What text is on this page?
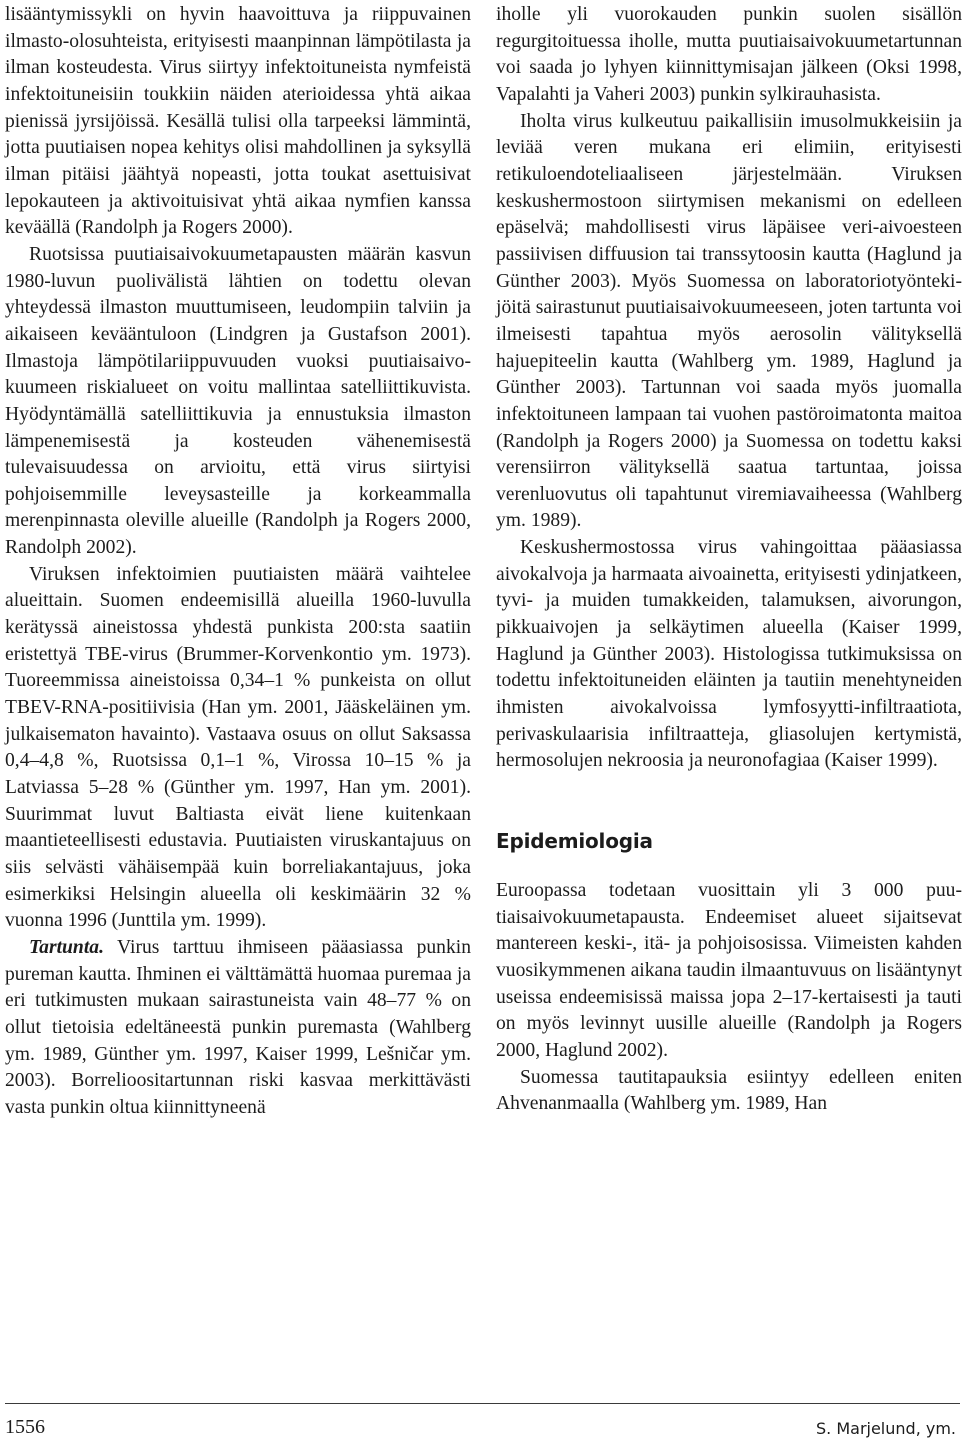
lisääntymissykli on hyvin haavoittuva ja riippuvainen ilmasto-olosuhteista, erityisesti maanpinnan lämpötilasta ja ilman kosteudesta. Virus siirtyy infektoituneista nymfeistä infektoituneisiin toukkiin näiden aterioidessa yhtä aikaa pienissä jyrsijöissä. Kesällä tulisi olla tarpeeksi lämmintä, jotta puutiaisen nopea kehitys olisi mahdollinen ja syksyllä ilman pitäisi jäähtyä nopeasti, jotta toukat asettuisivat lepokauteen ja aktivoituisivat yhtä aikaa nymfien kanssa keväällä (Randolph ja Rogers 2000).

Ruotsissa puutiaisaivokuumetapausten määrän kasvun 1980-luvun puolivälistä lähtien on todettu olevan yhteydessä ilmaston muuttumiseen, leudompiin talviin ja aikaiseen kevääntuloon (Lindgren ja Gustafson 2001). Ilmastoja lämpötilariippuvuuden vuoksi puutiaisaivokuumeen riskialueet on voitu mallintaa satelliittikuvista. Hyödyntämällä satelliittikuvia ja ennustuksia ilmaston lämpenemisestä ja kosteuden vähenemisestä tulevaisuudessa on arvioitu, että virus siirtyisi pohjoisemmille leveysasteille ja korkeammalla merenpinnasta oleville alueille (Randolph ja Rogers 2000, Randolph 2002).

Viruksen infektoimien puutiaisten määrä vaihtelee alueittain. Suomen endeemisillä alueilla 1960-luvulla kerätyssä aineistossa yhdestä punkista 200:sta saatiin eristettyä TBE-virus (Brummer-Korvenkontio ym. 1973). Tuoreemmissa aineistoissa 0,34–1 % punkeista on ollut TBEV-RNA-positiivisia (Han ym. 2001, Jääskeläinen ym. julkaisematon havainto). Vastaava osuus on ollut Saksassa 0,4–4,8 %, Ruotsissa 0,1–1 %, Virossa 10–15 % ja Latviassa 5–28 % (Günther ym. 1997, Han ym. 2001). Suurimmat luvut Baltiasta eivät liene kuitenkaan maantieteellisesti edustavia. Puutiaisten viruskantajuus on siis selvästi vähäisempää kuin borreliakantajuus, joka esimerkiksi Helsingin alueella oli keskimäärin 32 % vuonna 1996 (Junttila ym. 1999).

Tartunta. Virus tarttuu ihmiseen pääasiassa punkin pureman kautta. Ihminen ei välttämättä huomaa puremaa ja eri tutkimusten mukaan sairastuneista vain 48–77 % on ollut tietoisia edeltäneestä punkin puremasta (Wahlberg ym. 1989, Günther ym. 1997, Kaiser 1999, Lešničar ym. 2003). Borrelioositartunnan riski kasvaa merkittävästi vasta punkin oltua kiinnittyneenä

iholle yli vuorokauden punkin suolen sisällön regurgitoituessa iholle, mutta puutiaisaivokuumetartunnan voi saada jo lyhyen kiinnittymisajan jälkeen (Oksi 1998, Vapalahti ja Vaheri 2003) punkin sylkirauhasista.

Iholta virus kulkeutuu paikallisiin imusolmukkeisiin ja leviää veren mukana eri elimiin, erityisesti retikuloendoteliaaliseen järjestelmään. Viruksen keskushermostoon siirtymisen mekanismi on edelleen epäselvä; mahdollisesti virus läpäisee veri-aivoesteen passiivisen diffuusion tai transsytoosin kautta (Haglund ja Günther 2003). Myös Suomessa on laboratoriotyöntekijöitä sairastunut puutiaisaivokuumeeseen, joten tartunta voi ilmeisesti tapahtua myös aerosolin välityksellä hajuepiteelin kautta (Wahlberg ym. 1989, Haglund ja Günther 2003). Tartunnan voi saada myös juomalla infektoituneen lampaan tai vuohen pastöroimatonta maitoa (Randolph ja Rogers 2000) ja Suomessa on todettu kaksi verensiirron välityksellä saatua tartuntaa, joissa verenluovutus oli tapahtunut viremiavaiheessa (Wahlberg ym. 1989).

Keskushermostossa virus vahingoittaa pääasiassa aivokalvoja ja harmaata aivoainetta, erityisesti ydinjatkeen, tyvi- ja muiden tumakkeiden, talamuksen, aivorungon, pikkuaivojen ja selkäytimen alueella (Kaiser 1999, Haglund ja Günther 2003). Histologissa tutkimuksissa on todettu infektoituneiden eläinten ja tautiin menehtyneiden ihmisten aivokalvoissa lymfosyytti-infiltraatiota, perivaskulaarisia infiltraatteja, gliasolujen kertymistä, hermosolujen nekroosia ja neuronofagiaa (Kaiser 1999).

Epidemiologia

Euroopassa todetaan vuosittain yli 3 000 puutiaisaivokuumetapausta. Endeemiset alueet sijaitsevat mantereen keski-, itä- ja pohjoisosissa. Viimeisten kahden vuosikymmenen aikana taudin ilmaantuvuus on lisääntynyt useissa endeemisissä maissa jopa 2–17-kertaisesti ja tauti on myös levinnyt uusille alueille (Randolph ja Rogers 2000, Haglund 2002).

Suomessa tautitapauksia esiintyy edelleen eniten Ahvenanmaalla (Wahlberg ym. 1989, Han

1556	S. Marjelund, ym.
